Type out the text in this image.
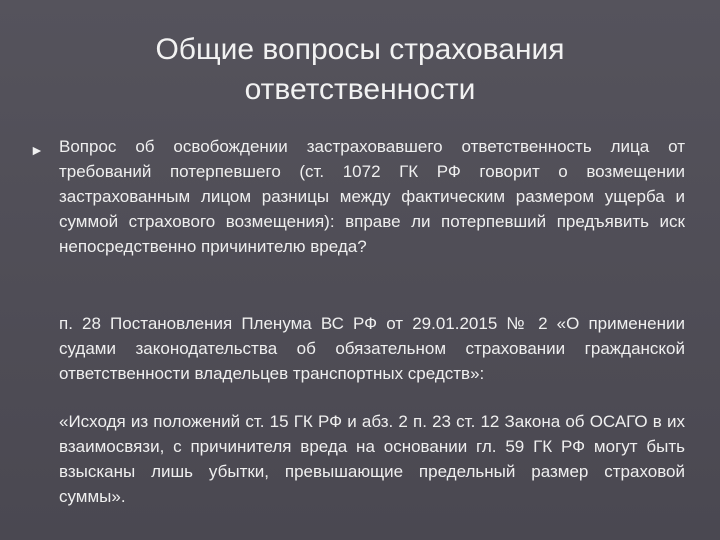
Общие вопросы страхования
ответственности
► Вопрос об освобождении застраховавшего ответственность лица от требований потерпевшего (ст. 1072 ГК РФ говорит о возмещении застрахованным лицом разницы между фактическим размером ущерба и суммой страхового возмещения): вправе ли потерпевший предъявить иск непосредственно причинителю вреда?

п. 28 Постановления Пленума ВС РФ от 29.01.2015 № 2 «О применении судами законодательства об обязательном страховании гражданской ответственности владельцев транспортных средств»:

«Исходя из положений ст. 15 ГК РФ и абз. 2 п. 23 ст. 12 Закона об ОСАГО в их взаимосвязи, с причинителя вреда на основании гл. 59 ГК РФ могут быть взысканы лишь убытки, превышающие предельный размер страховой суммы».
